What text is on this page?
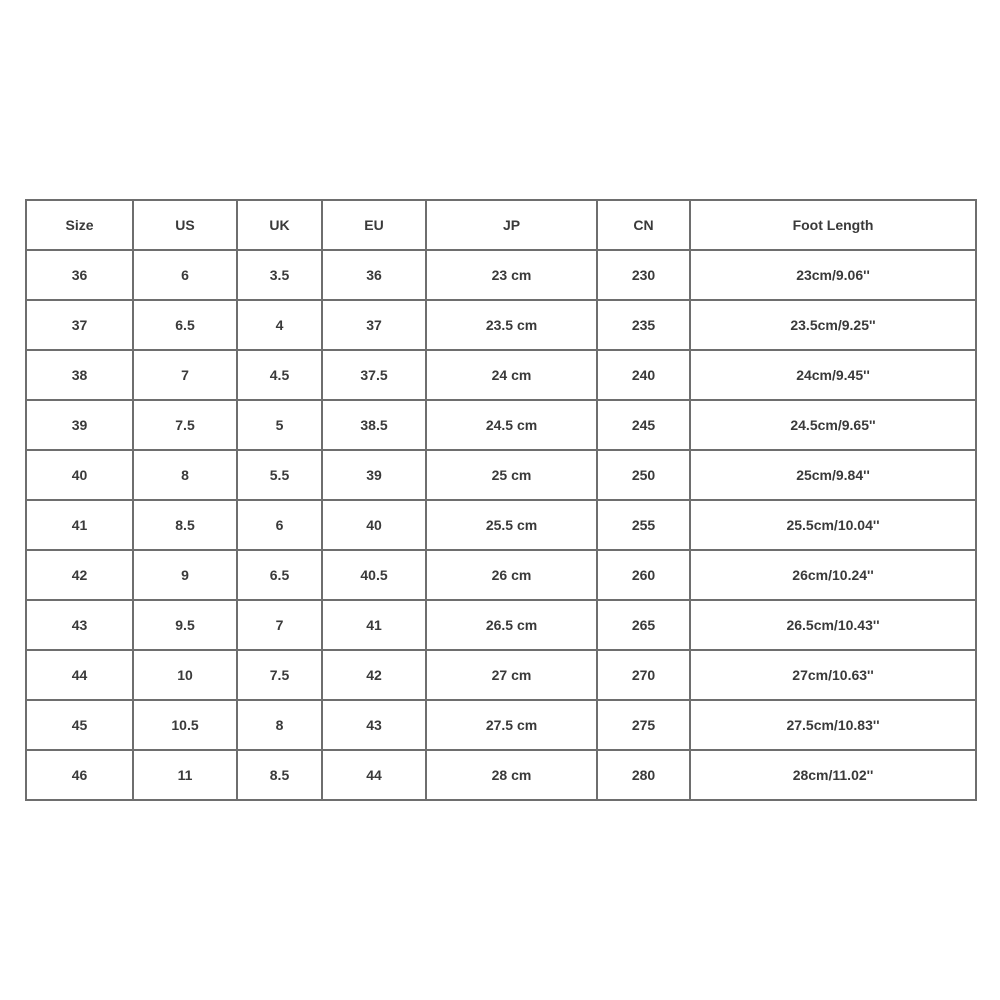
Size	US	UK	EU	JP	CN	Foot Length
36	6	3.5	36	23 cm	230	23cm/9.06''
37	6.5	4	37	23.5 cm	235	23.5cm/9.25''
38	7	4.5	37.5	24 cm	240	24cm/9.45''
39	7.5	5	38.5	24.5 cm	245	24.5cm/9.65''
40	8	5.5	39	25 cm	250	25cm/9.84''
41	8.5	6	40	25.5 cm	255	25.5cm/10.04''
42	9	6.5	40.5	26 cm	260	26cm/10.24''
43	9.5	7	41	26.5 cm	265	26.5cm/10.43''
44	10	7.5	42	27 cm	270	27cm/10.63''
45	10.5	8	43	27.5 cm	275	27.5cm/10.83''
46	11	8.5	44	28 cm	280	28cm/11.02''
